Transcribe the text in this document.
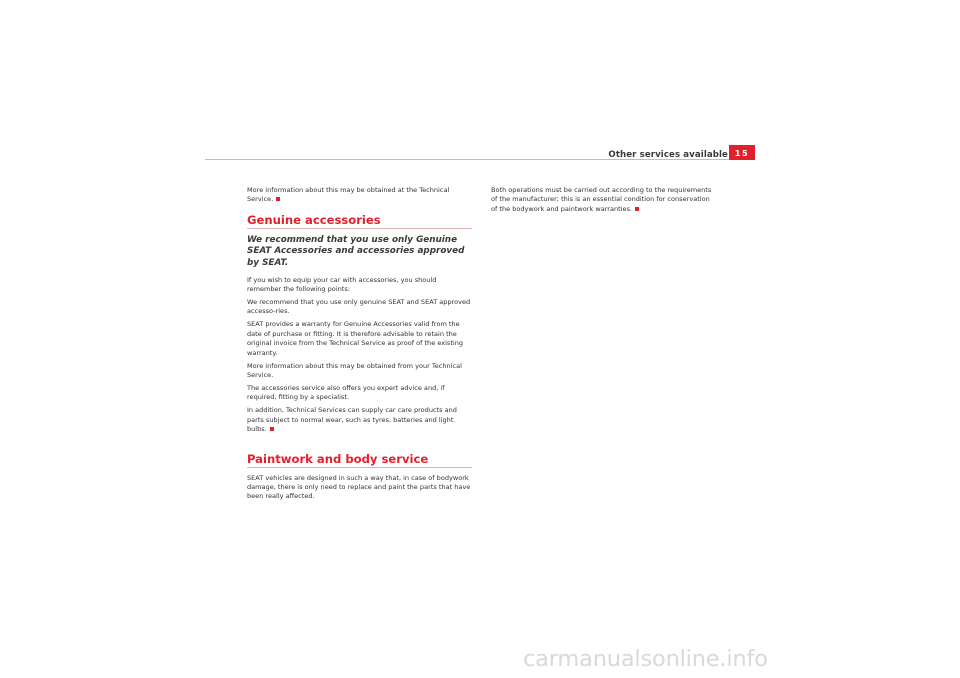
Other services available 15

More information about this may be obtained at the Technical Service.

Genuine accessories
We recommend that you use only Genuine SEAT Accessories and accessories approved by SEAT.

If you wish to equip your car with accessories, you should remember the following points:

We recommend that you use only genuine SEAT and SEAT approved accesso-ries.

SEAT provides a warranty for Genuine Accessories valid from the date of purchase or fitting. It is therefore advisable to retain the original invoice from the Technical Service as proof of the existing warranty.

More information about this may be obtained from your Technical Service.

The accessories service also offers you expert advice and, if required, fitting by a specialist.

In addition, Technical Services can supply car care products and parts subject to normal wear, such as tyres, batteries and light bulbs.

Paintwork and body service

SEAT vehicles are designed in such a way that, in case of bodywork damage, there is only need to replace and paint the parts that have been really affected.

Both operations must be carried out according to the requirements of the manufacturer; this is an essential condition for conservation of the bodywork and paintwork warranties.

carmanualsonline.info
